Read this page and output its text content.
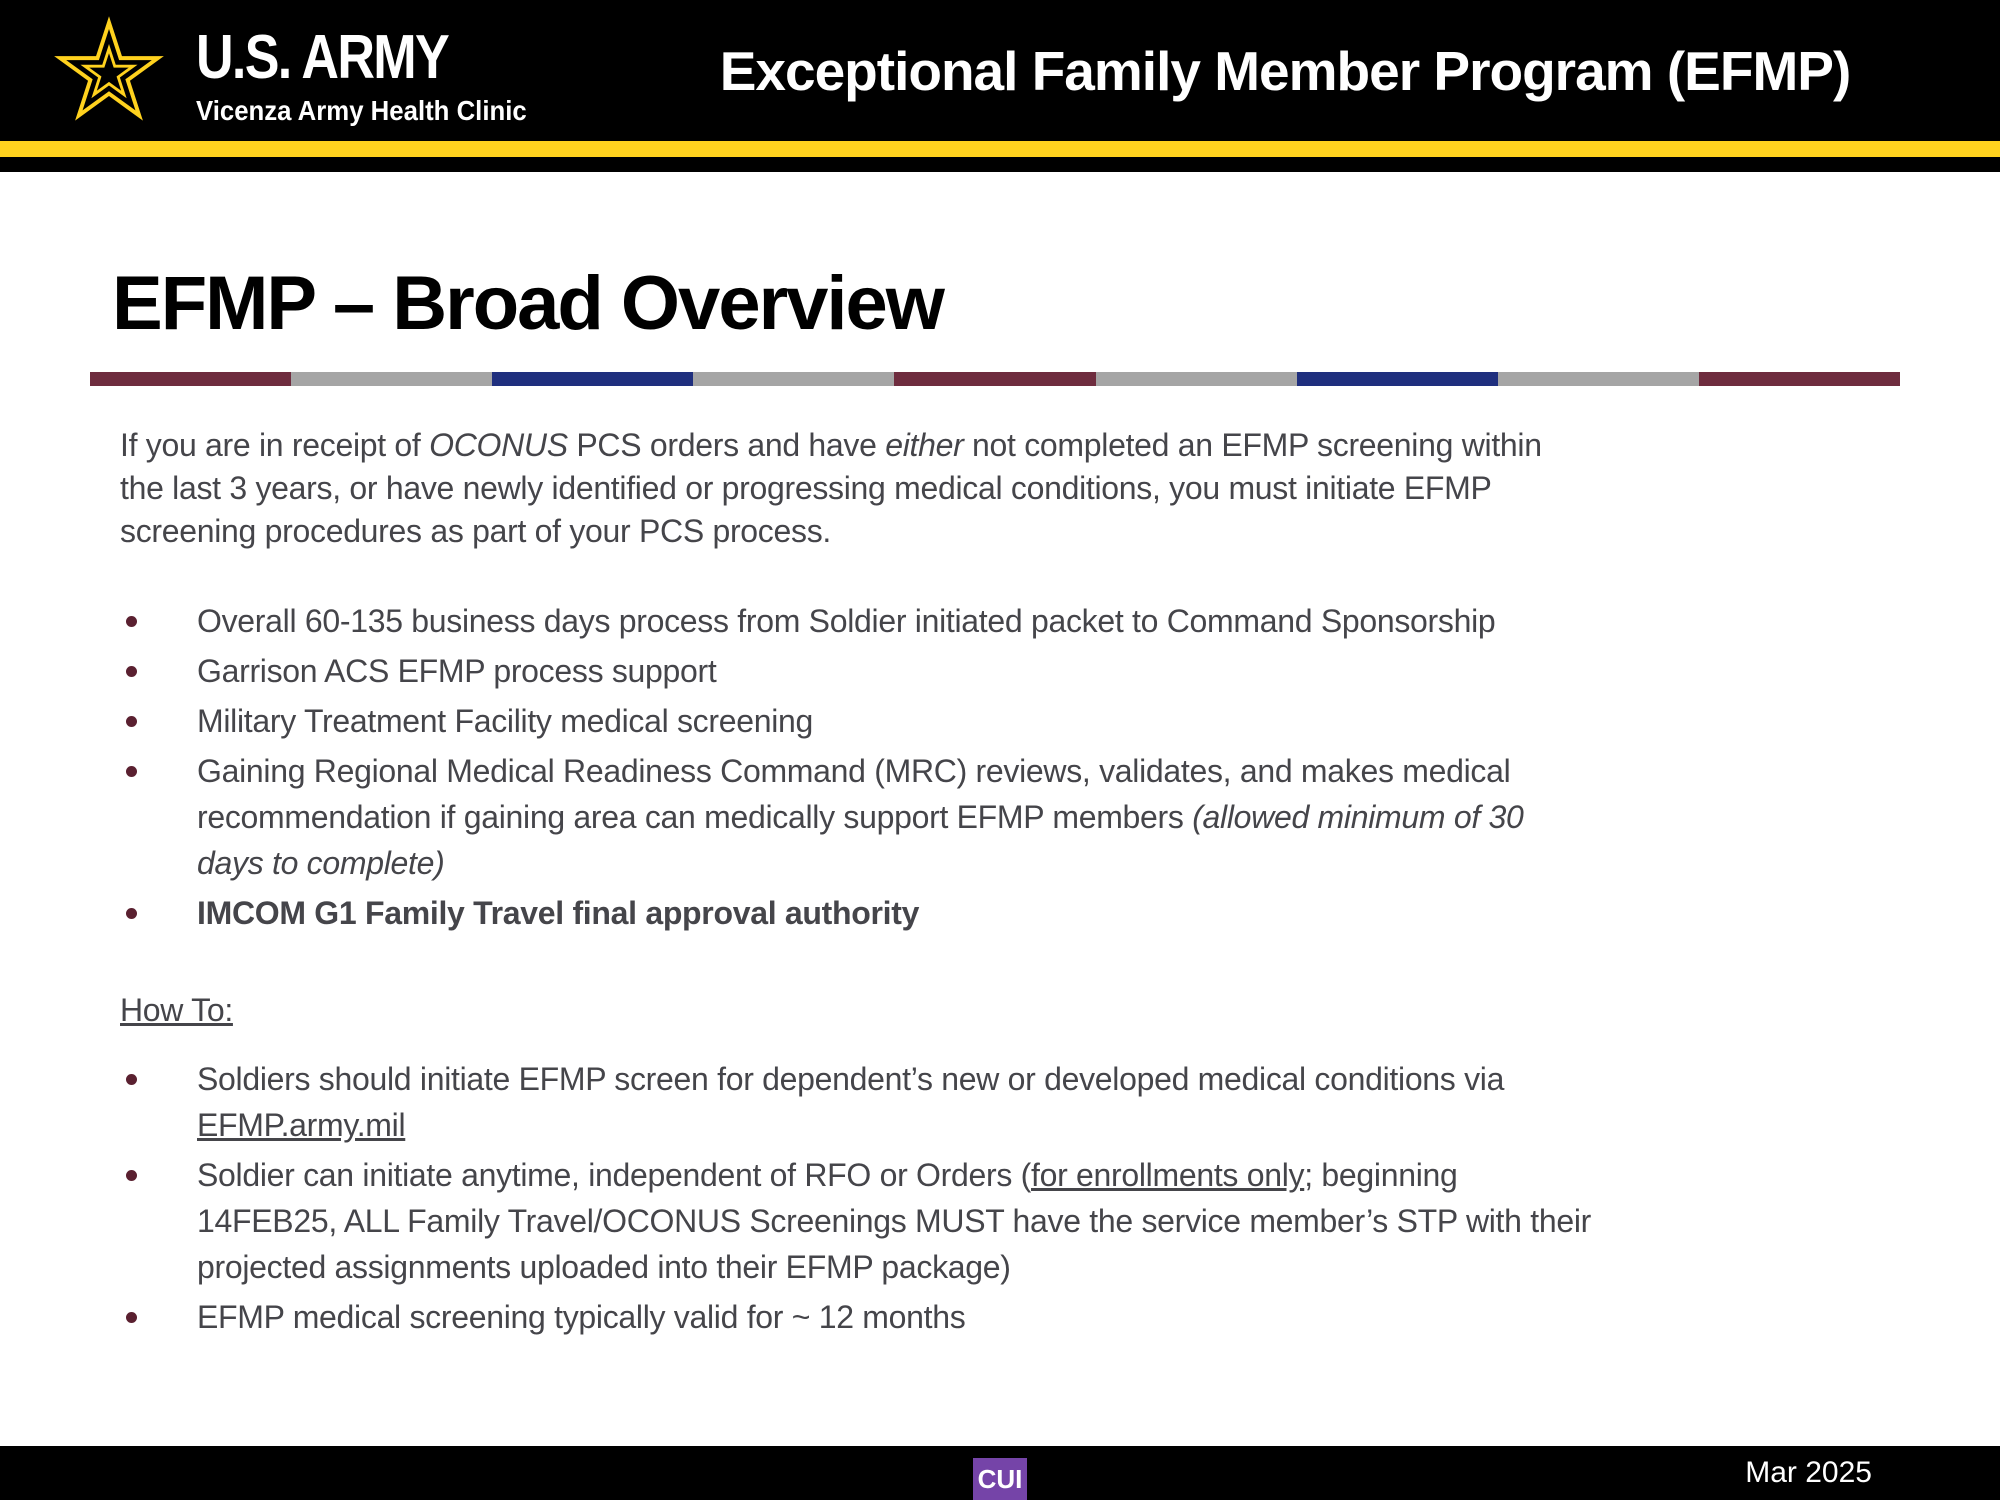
U.S. ARMY
Vicenza Army Health Clinic
Exceptional Family Member Program (EFMP)
EFMP – Broad Overview
If you are in receipt of OCONUS PCS orders and have either not completed an EFMP screening within
the last 3 years, or have newly identified or progressing medical conditions, you must initiate EFMP
screening procedures as part of your PCS process.
Overall 60-135 business days process from Soldier initiated packet to Command Sponsorship
Garrison ACS EFMP process support
Military Treatment Facility medical screening
Gaining Regional Medical Readiness Command (MRC) reviews, validates, and makes medical
recommendation if gaining area can medically support EFMP members (allowed minimum of 30
days to complete)
IMCOM G1 Family Travel final approval authority
How To:
Soldiers should initiate EFMP screen for dependent’s new or developed medical conditions via
EFMP.army.mil
Soldier can initiate anytime, independent of RFO or Orders (for enrollments only; beginning
14FEB25, ALL Family Travel/OCONUS Screenings MUST have the service member’s STP with their
projected assignments uploaded into their EFMP package)
EFMP medical screening typically valid for ~ 12 months
CUI	Mar 2025
